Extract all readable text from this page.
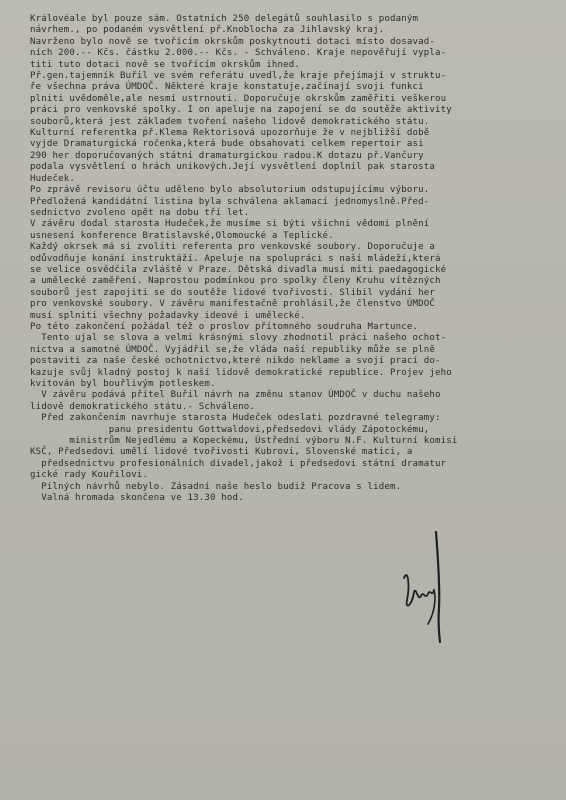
Královéale byl pouze sám. Ostatních 250 delegátů souhlasilo s podaným
návrhem., po podaném vysvětlení př.Knoblocha za Jihlavský kraj.
Navrženo bylo nově se tvořícím okrskům poskytnouti dotaci místo dosavad-
ních 200.-- Kčs. částku 2.000.-- Kčs. - Schváleno. Kraje nepověřují vypla-
titi tuto dotaci nově se tvořícím okrskům ihned.
Př.gen.tajemník Buřil ve svém referátu uvedl,že kraje přejímají v struktu-
ře všechna práva ÚMDOČ. Některé kraje konstatuje,začínají svoji funkci
plniti uvědoměle,ale nesmí ustrnouti. Doporučuje okrskům zaměřiti veškerou
práci pro venkovské spolky. I on apeluje na zapojení se do soutěže aktivity
souborů,která jest základem tvoření našeho lidově demokratického státu.
Kulturní referentka př.Klema Rektorisová upozorňuje že v nejbližší době
vyjde Dramaturgická ročenka,která bude obsahovati celkem repertoir asi
290 her doporučovaných státní dramaturgickou radou.K dotazu př.Vančury
podala vysvětlení o hrách unikových.Její vysvětlení doplnil pak starosta
Hudeček.
Po zprávě revisoru účtu uděleno bylo absolutorium odstupujícímu výboru.
Předložená kandidátní listina byla schválena aklamací jednomyslně.Před-
sednictvo zvoleno opět na dobu tří let.
V závěru dodal starosta Hudeček,že musíme si býti všichni vědomi plnění
usnesení konference Bratislavské,Olomoucké a Teplické.
Každý okrsek má si zvoliti referenta pro venkovské soubory. Doporučuje a
odůvodňuje konání instruktáží. Apeluje na spolupráci s naší mládeží,která
se velice osvědčila zvláště v Praze. Dětská divadla musí míti paedagogické
a umělecké zaměření. Naprostou podmínkou pro spolky členy Kruhu vítězných
souborů jest zapojiti se do soutěže lidové tvořivosti. Slibil vydání her
pro venkovské soubory. V závěru manifestačně prohlásil,že členstvo ÚMDOČ
musí splniti všechny požadavky ideové i umělecké.
Po této zakončení požádal též o proslov přítomného soudruha Martunce.
Tento ujal se slova a velmi krásnými slovy zhodnotil práci našeho ochot-
nictva a samotné ÚMDOČ. Vyjádřil se,že vláda naší republiky může se plně
postaviti za naše české ochotnictvo,které nikdo neklame a svojí prací do-
kazuje svůj kladný postoj k naší lidově demokratické republice. Projev jeho
kvitován byl bouřlivým potleskem.
V závěru podává přítel Buřil návrh na změnu stanov ÚMDOČ v duchu našeho
lidově demokratického státu.- Schváleno.
Před zakončením navrhuje starosta Hudeček odeslati pozdravné telegramy:
panu presidentu Gottwaldovi,předsedovi vlády Zápotockému,
ministrům Nejedlému a Kopeckému, Ústřední výboru N.F. Kulturní komisi
KSČ, Předsedovi umělí lidové tvořivosti Kubrovi, Slovenské matici, a
předsednictvu profesionálních divadel,jakož i předsedovi státní dramatur
gické rady Kouřilovi.
Pilných návrhů nebylo. Zásadní naše heslo budiž Pracova s lidem.
Valná hromada skončena ve 13.30 hod.
